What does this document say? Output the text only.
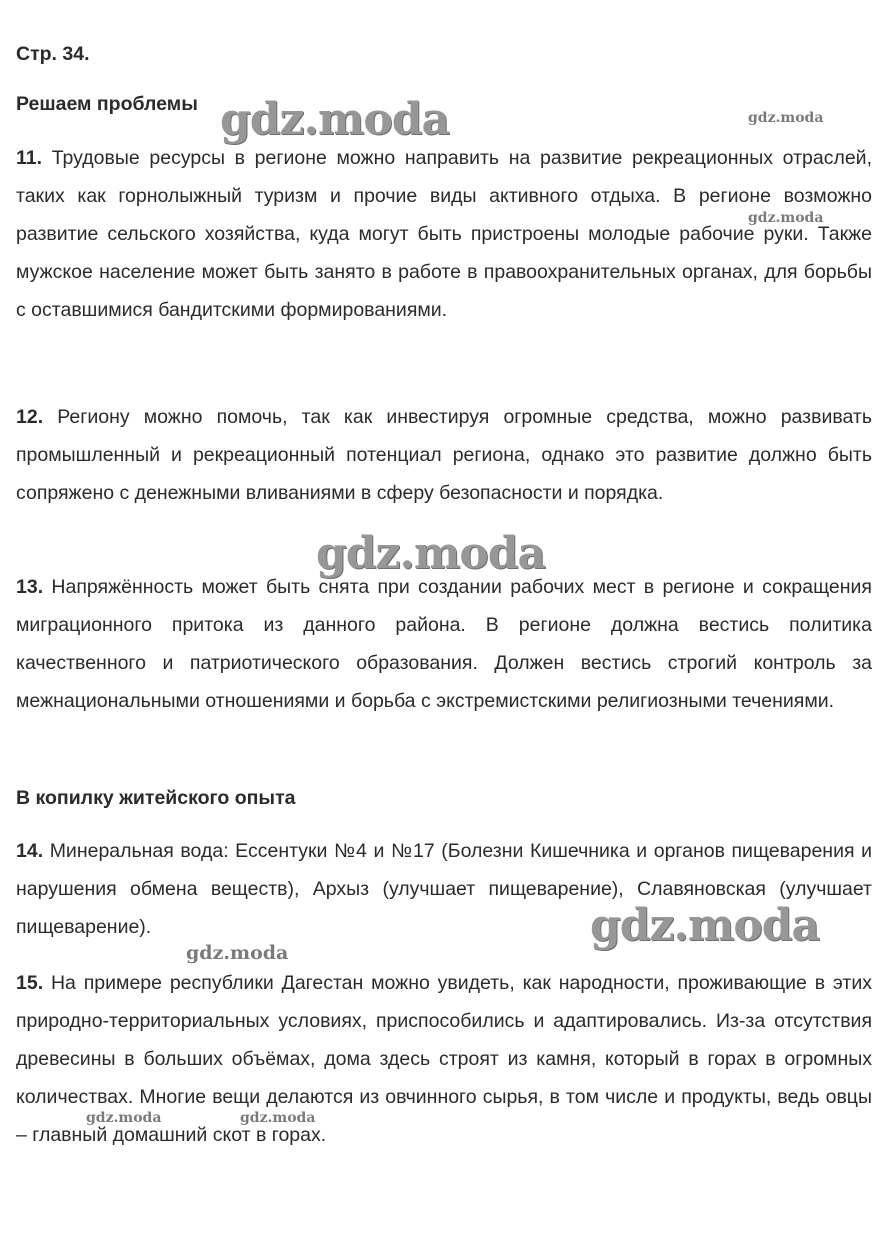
Стр. 34.

Решаем проблемы

11. Трудовые ресурсы в регионе можно направить на развитие рекреационных отраслей, таких как горнолыжный туризм и прочие виды активного отдыха. В регионе возможно развитие сельского хозяйства, куда могут быть пристроены молодые рабочие руки. Также мужское население может быть занято в работе в правоохранительных органах, для борьбы с оставшимися бандитскими формированиями.

12. Региону можно помочь, так как инвестируя огромные средства, можно развивать промышленный и рекреационный потенциал региона, однако это развитие должно быть сопряжено с денежными вливаниями в сферу безопасности и порядка.

13. Напряжённость может быть снята при создании рабочих мест в регионе и сокращения миграционного притока из данного района. В регионе должна вестись политика качественного и патриотического образования. Должен вестись строгий контроль за межнациональными отношениями и борьба с экстремистскими религиозными течениями.

В копилку житейского опыта

14. Минеральная вода: Ессентуки №4 и №17 (Болезни Кишечника и органов пищеварения и нарушения обмена веществ), Архыз (улучшает пищеварение), Славяновская (улучшает пищеварение).

15. На примере республики Дагестан можно увидеть, как народности, проживающие в этих природно-территориальных условиях, приспособились и адаптировались. Из-за отсутствия древесины в больших объёмах, дома здесь строят из камня, который в горах в огромных количествах. Многие вещи делаются из овчинного сырья, в том числе и продукты, ведь овцы – главный домашний скот в горах.

gdz.moda	gdz.moda
gdz.moda
gdz.moda
gdz.moda
gdz.moda
gdz.moda	gdz.moda
